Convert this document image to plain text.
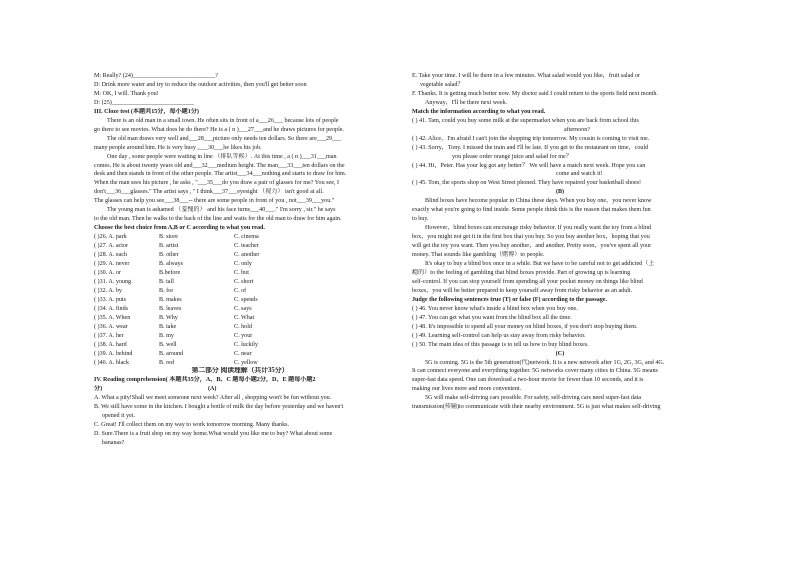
M: Really? (24)___________________________?
D: Drink more water and try to reduce the outdoor activities, then you'll get better soon
M: OK, I will. Thank you!
D: (25)___________________________
III. Cloze test (本题共15分，每小题1分)
There is an old man in a small town. He often sits in front of a___26___ because lots of people
go there to see movies. What does he do there? He is a ( n )___27___and he draws pictures for people.
The old man draws very well and___28___picture only needs ten dollars. So there are___29___
many people around him. He is very busy ,___30___he likes his job.
One day , some people were waiting in line （排队等候）. At this time , a ( n )___31___man
comes. He is about twenty years old and___32___medium height. The man___33___ten dollars on the
desk and then stands in front of the other people. The artist___34___nothing and starts to draw for him.
When the man sees his picture , he asks , "___35___do you draw a pair of glasses for me? You see, I
don't___36___glasses." The artist says , " I think___37___eyesight （视力） isn't good at all.
The glasses can help you see___38___-- there are some people in front of you , not___39___you."
The young man is ashamed （羞愧的） and his face turns___40___." I'm sorry , sir." he says
to the old man. Then he walks to the back of the line and waits for the old man to draw for him again.
Choose the best choice from A,B or C according to what you read.
( )26. A. park	B. store	C. cinema
( )27. A. actor	B. artist	C. teacher
( )28. A. each	B. other	C. another
( )29. A. never	B. always	C. only
( )30. A. or	B.before	C. but
( )31. A. young	B. tall	C. short
( )32. A. by	B. for	C. of
( )33. A. puts	B. makes	C. spends
( )34. A. finds	B. leaves	C. says
( )35. A. When	B. Why	C. What
( )36. A. wear	B. take	C. hold
( )37. A. her	B. my	C. your
( )38. A. hard	B. well	C. luckily
( )39. A. behind	B. around	C. near
( )40. A. black	B. red	C. yellow
第二部分 阅读理解（共计35分）
IV. Reading comprehension( 本题共35分，A、B、C 题每小题2分，D、E 题每小题2
分)	(A)
A. What a pity!Shall we meet someone next week? After all , shopping won't be fun without you.
B. We still have some in the kitchen. I bought a bottle of milk the day before yesterday and we haven't
opened it yet.
C. Great! I'll collect them on my way to work tomorrow morning. Many thanks.
D. Sure.There is a fruit shop on my way home.What would you like me to buy? What about some
bananas?
E. Take your time. I will be there in a few minutes. What salad would you like，fruit salad or
vegetable salad？
F. Thanks. It is getting much better now. My doctor said I could return to the sports field next month.
Anyway，I'll be there next week.
Match the information according to what you read.
( ) 41. Tam, could you buy some milk at the supermarket when you are back from school this
afternoon?
( ) 42. Alice，I'm afraid I can't join the shopping trip tomorrow. My cousin is coming to visit me.
( ) 43. Sorry，Tony. I missed the train and I'll be late. If you get to the restaurant on time，could
you please order orange juice and salad for me？
( ) 44. Hi，Peter. Has your leg got any better？ We will have a match next week. Hope you can
come and watch it!
( ) 45. Tom, the sports shop on West Street phoned. They have repaired your basketball shoes!
(B)
Blind boxes have become popular in China these days. When you buy one，you never know
exactly what you're going to find inside. Some people think this is the reason that makes them fun
to buy.
However，blind boxes can encourage risky behavior. If you really want the toy from a blind
box，you might not get it in the first box that you buy. So you buy another box，hoping that you
will get the toy you want. Then you buy another，and another. Pretty soon，you've spent all your
money. That sounds like gambling（赌博）to people.
It's okay to buy a blind box once in a while. But we have to be careful not to get addicted（上
瘾的）to the feeling of gambling that blind boxes provide. Part of growing up is learning
self-control. If you can stop yourself from spending all your pocket money on things like blind
boxes，you will be better prepared to keep yourself away from risky behavior as an adult.
Judge the following sentences true (T) or false (F) according to the passage.
( ) 46. You never know what's inside a blind box when you buy one.
( ) 47. You can get what you want from the blind box all the time.
( ) 48. It's impossible to spend all your money on blind boxes, if you don't stop buying them.
( ) 49. Learning self-control can help us stay away from risky behavior.
( ) 50. The main idea of this passage is to tell us how to buy blind boxes.
(C)
5G is coming. 5G is the 5th generation(代)network. It is a new network after 1G, 2G, 3G, and 4G.
It can connect everyone and everything together. 5G networks cover many cities in China. 5G means
super-fast data speed. One can download a two-hour movie for fewer than 10 seconds, and it is
making our lives more and more convenient.
5G will make self-driving cars possible. For safety, self-driving cars need super-fast data
transmission(传输)to communicate with their nearby environment. 5G is just what makes self-driving
